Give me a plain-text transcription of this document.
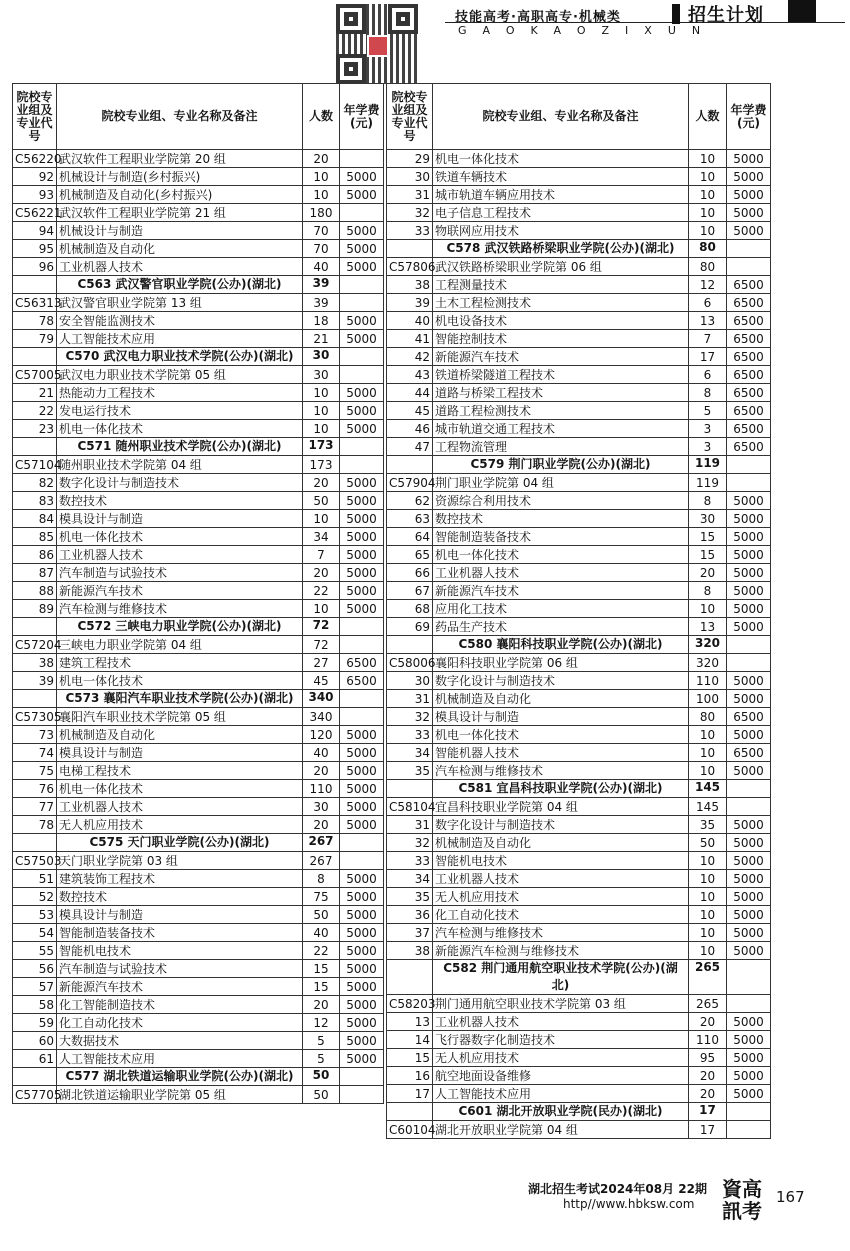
技能高考·高职高专·机械类
GAOKAOZIXUN
招生计划
院校专业组及专业代号	院校专业组、专业名称及备注	人数	年学费(元)
C56220	武汉软件工程职业学院第 20 组	20	
92	机械设计与制造(乡村振兴)	10	5000
93	机械制造及自动化(乡村振兴)	10	5000
C56221	武汉软件工程职业学院第 21 组	180	
94	机械设计与制造	70	5000
95	机械制造及自动化	70	5000
96	工业机器人技术	40	5000
	C563 武汉警官职业学院(公办)(湖北)	39	
C56313	武汉警官职业学院第 13 组	39	
78	安全智能监测技术	18	5000
79	人工智能技术应用	21	5000
	C570 武汉电力职业技术学院(公办)(湖北)	30	
C57005	武汉电力职业技术学院第 05 组	30	
21	热能动力工程技术	10	5000
22	发电运行技术	10	5000
23	机电一体化技术	10	5000
	C571 随州职业技术学院(公办)(湖北)	173	
C57104	随州职业技术学院第 04 组	173	
82	数字化设计与制造技术	20	5000
83	数控技术	50	5000
84	模具设计与制造	10	5000
85	机电一体化技术	34	5000
86	工业机器人技术	7	5000
87	汽车制造与试验技术	20	5000
88	新能源汽车技术	22	5000
89	汽车检测与维修技术	10	5000
	C572 三峡电力职业学院(公办)(湖北)	72	
C57204	三峡电力职业学院第 04 组	72	
38	建筑工程技术	27	6500
39	机电一体化技术	45	6500
	C573 襄阳汽车职业技术学院(公办)(湖北)	340	
C57305	襄阳汽车职业技术学院第 05 组	340	
73	机械制造及自动化	120	5000
74	模具设计与制造	40	5000
75	电梯工程技术	20	5000
76	机电一体化技术	110	5000
77	工业机器人技术	30	5000
78	无人机应用技术	20	5000
	C575 天门职业学院(公办)(湖北)	267	
C57503	天门职业学院第 03 组	267	
51	建筑装饰工程技术	8	5000
52	数控技术	75	5000
53	模具设计与制造	50	5000
54	智能制造装备技术	40	5000
55	智能机电技术	22	5000
56	汽车制造与试验技术	15	5000
57	新能源汽车技术	15	5000
58	化工智能制造技术	20	5000
59	化工自动化技术	12	5000
60	大数据技术	5	5000
61	人工智能技术应用	5	5000
	C577 湖北铁道运输职业学院(公办)(湖北)	50	
C57705	湖北铁道运输职业学院第 05 组	50	
院校专业组及专业代号	院校专业组、专业名称及备注	人数	年学费(元)
29	机电一体化技术	10	5000
30	铁道车辆技术	10	5000
31	城市轨道车辆应用技术	10	5000
32	电子信息工程技术	10	5000
33	物联网应用技术	10	5000
	C578 武汉铁路桥梁职业学院(公办)(湖北)	80	
C57806	武汉铁路桥梁职业学院第 06 组	80	
38	工程测量技术	12	6500
39	土木工程检测技术	6	6500
40	机电设备技术	13	6500
41	智能控制技术	7	6500
42	新能源汽车技术	17	6500
43	铁道桥梁隧道工程技术	6	6500
44	道路与桥梁工程技术	8	6500
45	道路工程检测技术	5	6500
46	城市轨道交通工程技术	3	6500
47	工程物流管理	3	6500
	C579 荆门职业学院(公办)(湖北)	119	
C57904	荆门职业学院第 04 组	119	
62	资源综合利用技术	8	5000
63	数控技术	30	5000
64	智能制造装备技术	15	5000
65	机电一体化技术	15	5000
66	工业机器人技术	20	5000
67	新能源汽车技术	8	5000
68	应用化工技术	10	5000
69	药品生产技术	13	5000
	C580 襄阳科技职业学院(公办)(湖北)	320	
C58006	襄阳科技职业学院第 06 组	320	
30	数字化设计与制造技术	110	5000
31	机械制造及自动化	100	5000
32	模具设计与制造	80	6500
33	机电一体化技术	10	5000
34	智能机器人技术	10	6500
35	汽车检测与维修技术	10	5000
	C581 宜昌科技职业学院(公办)(湖北)	145	
C58104	宜昌科技职业学院第 04 组	145	
31	数字化设计与制造技术	35	5000
32	机械制造及自动化	50	5000
33	智能机电技术	10	5000
34	工业机器人技术	10	5000
35	无人机应用技术	10	5000
36	化工自动化技术	10	5000
37	汽车检测与维修技术	10	5000
38	新能源汽车检测与维修技术	10	5000
	C582 荆门通用航空职业技术学院(公办)(湖北)	265	
C58203	荆门通用航空职业技术学院第 03 组	265	
13	工业机器人技术	20	5000
14	飞行器数字化制造技术	110	5000
15	无人机应用技术	95	5000
16	航空地面设备维修	20	5000
17	人工智能技术应用	20	5000
	C601 湖北开放职业学院(民办)(湖北)	17	
C60104	湖北开放职业学院第 04 组	17	
湖北招生考试2024年08月 22期
http//www.hbksw.com
資高訊考
167
